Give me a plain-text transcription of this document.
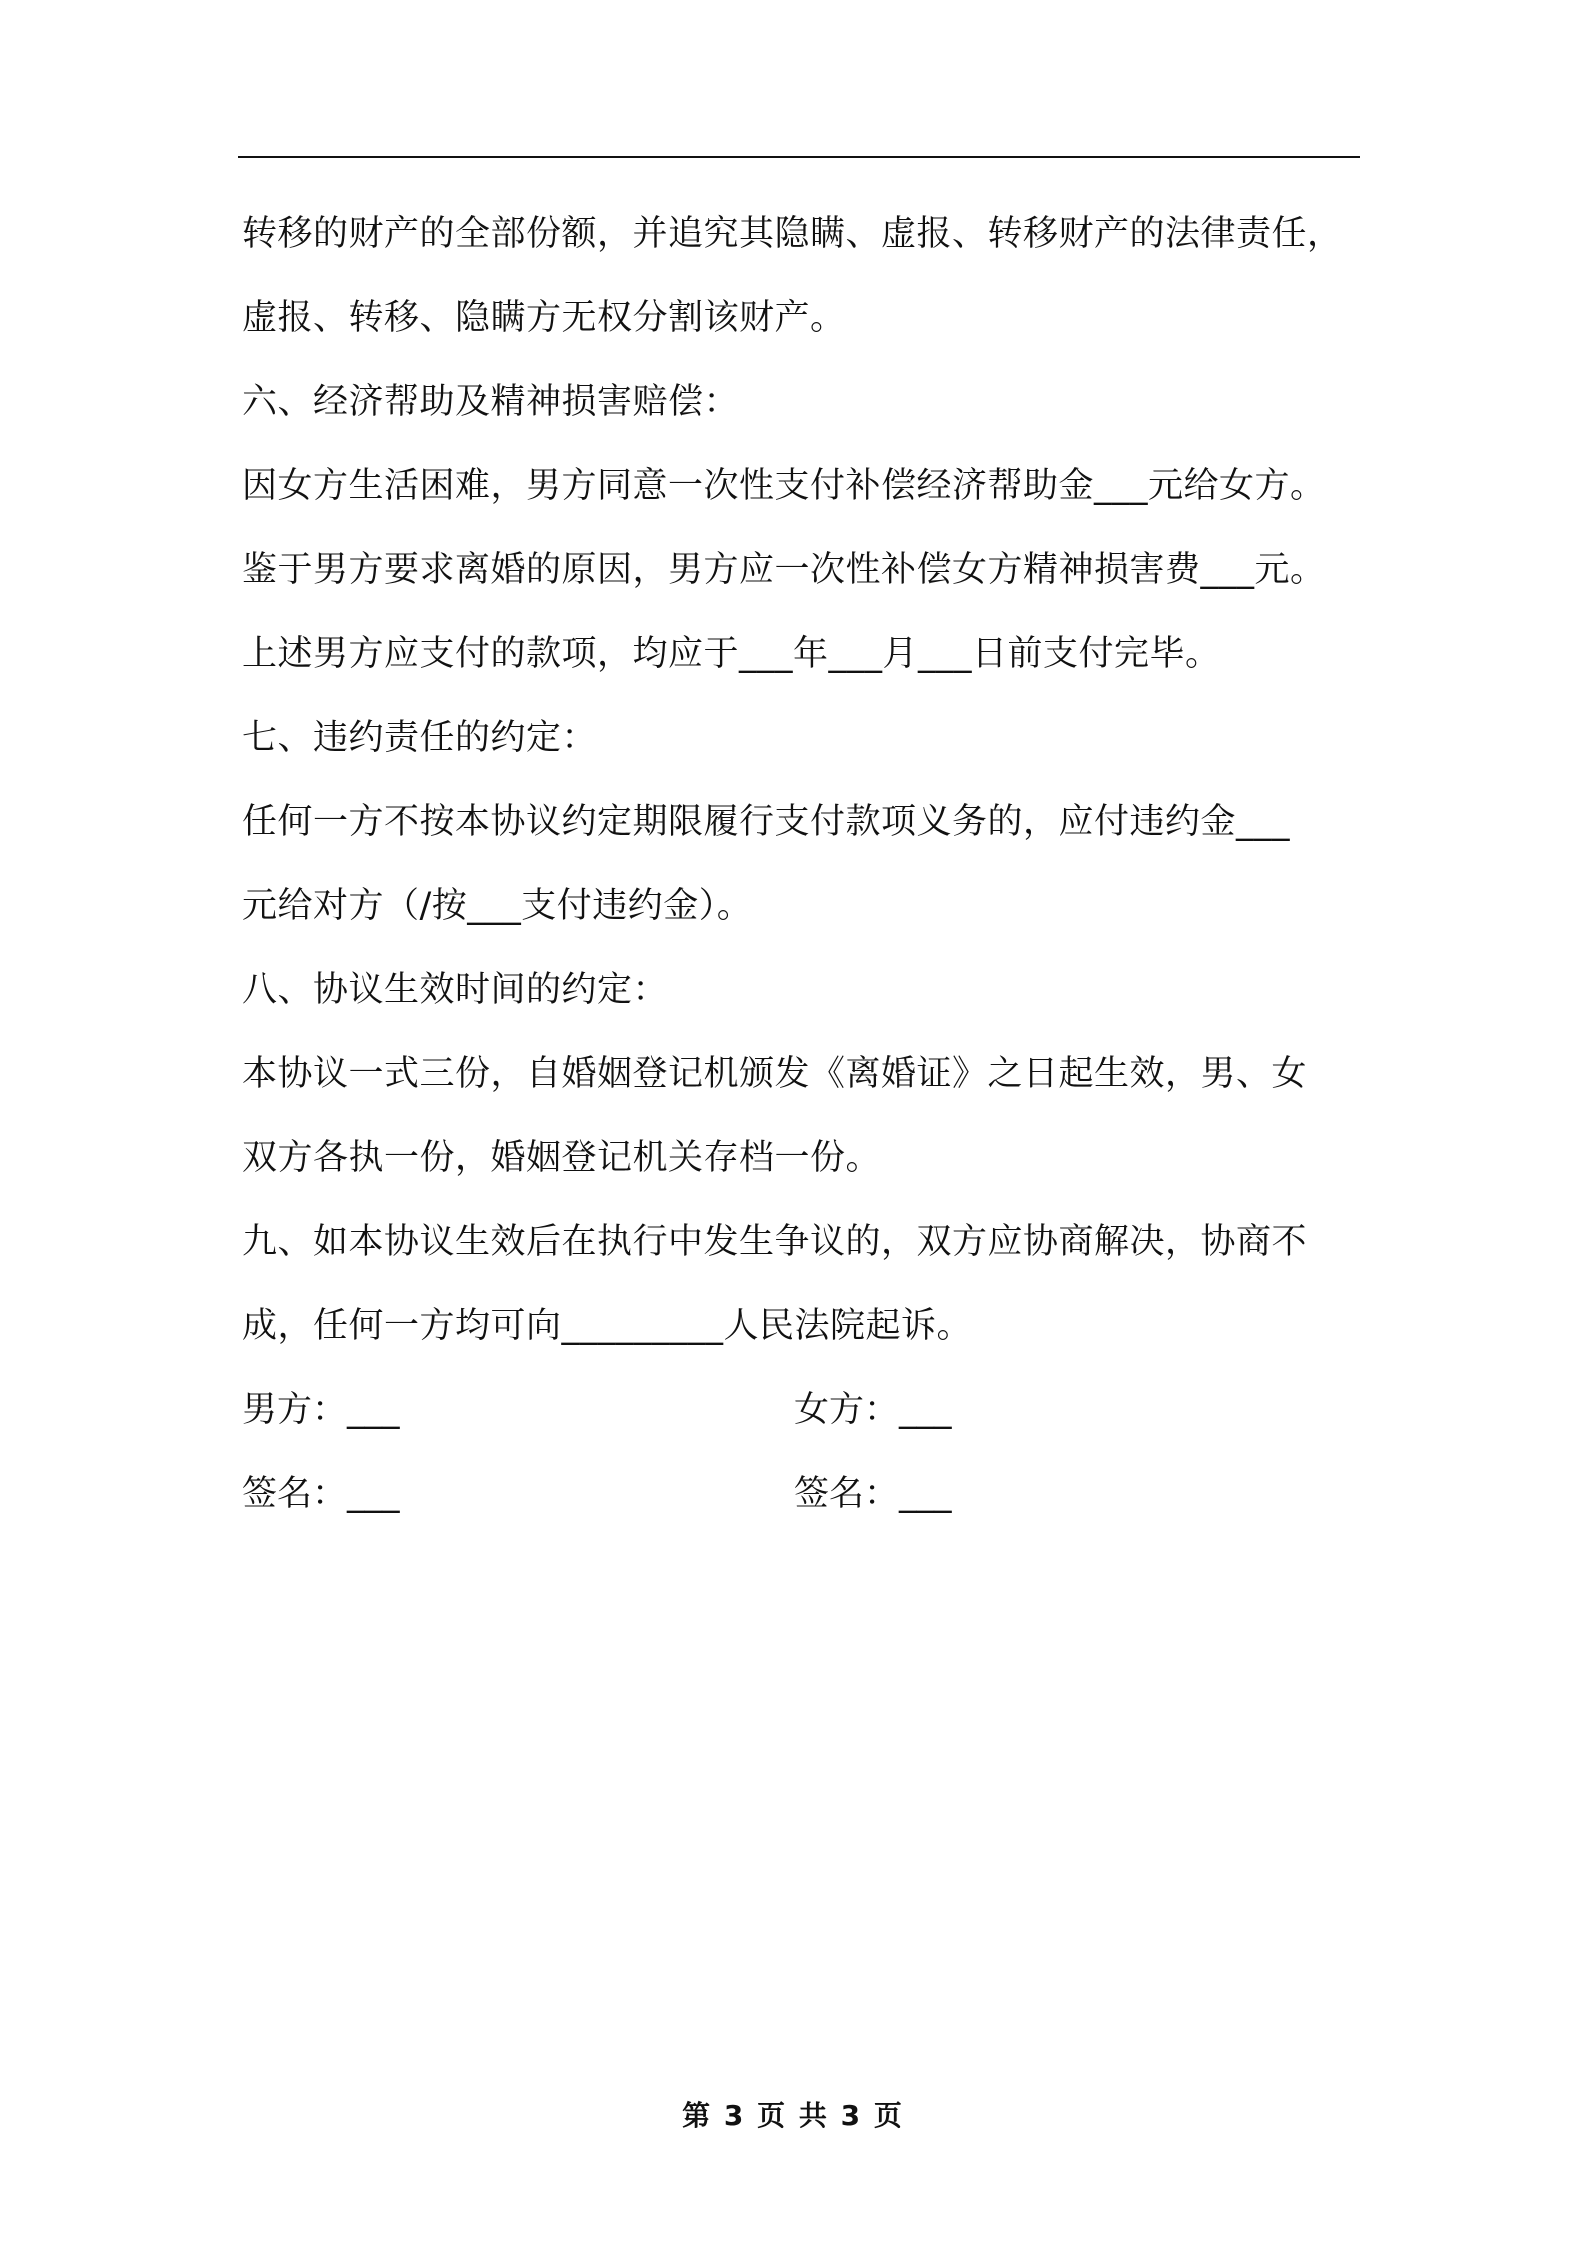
转移的财产的全部份额，并追究其隐瞒、虚报、转移财产的法律责任，
虚报、转移、隐瞒方无权分割该财产。
六、经济帮助及精神损害赔偿：
因女方生活困难，男方同意一次性支付补偿经济帮助金___元给女方。
鉴于男方要求离婚的原因，男方应一次性补偿女方精神损害费___元。
上述男方应支付的款项，均应于___年___月___日前支付完毕。
七、违约责任的约定：
任何一方不按本协议约定期限履行支付款项义务的，应付违约金___
元给对方（/按___支付违约金）。
八、协议生效时间的约定：
本协议一式三份，自婚姻登记机颁发《离婚证》之日起生效，男、女
双方各执一份，婚姻登记机关存档一份。
九、如本协议生效后在执行中发生争议的，双方应协商解决，协商不
成，任何一方均可向_________人民法院起诉。
男方：___	女方：___
签名：___	签名：___
第 3 页 共 3 页
